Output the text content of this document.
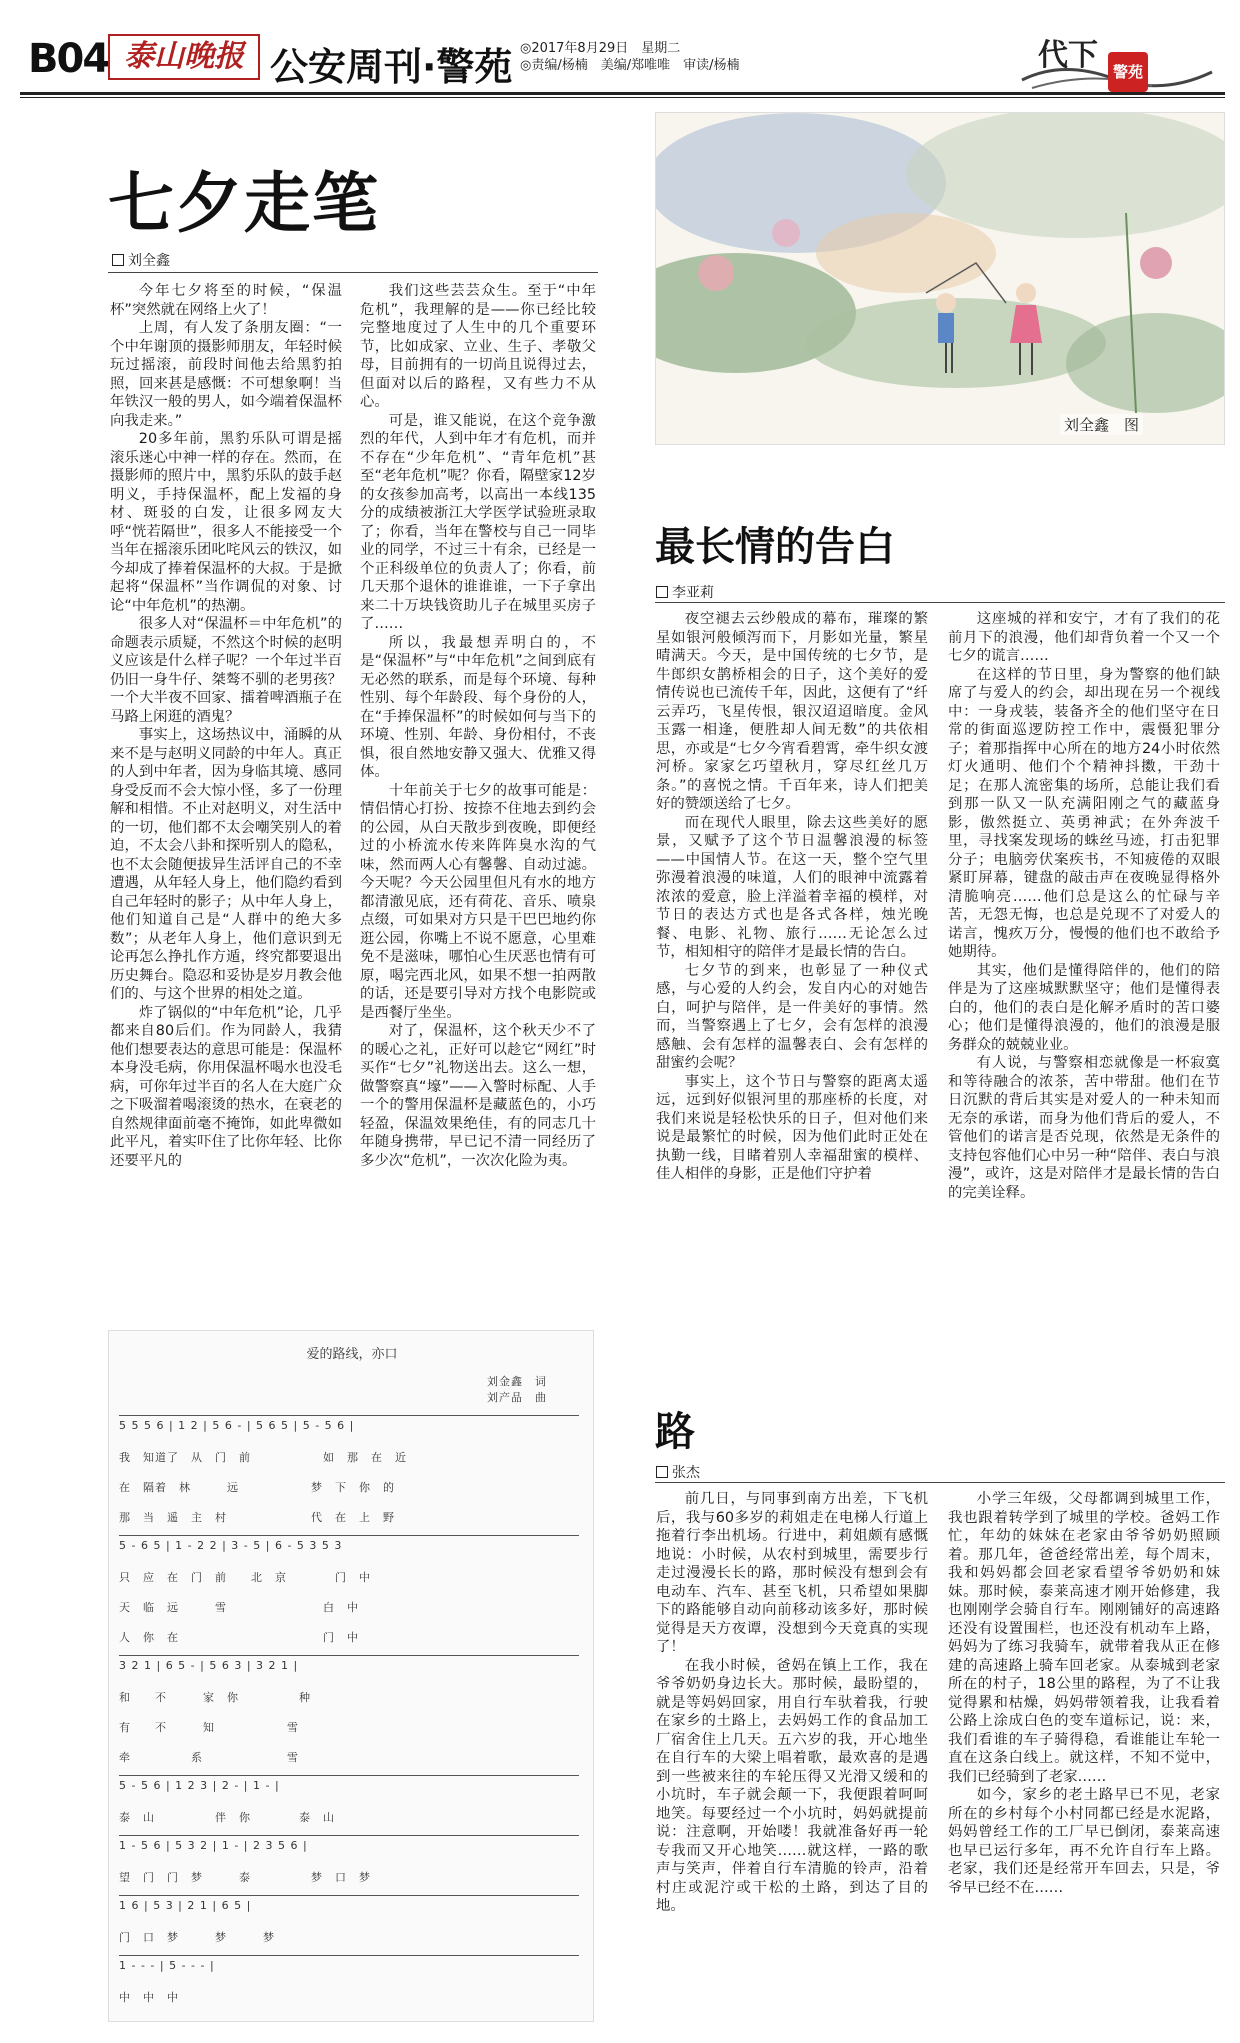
B04 泰山晚报 公安周刊·警苑 ◎2017年8月29日　星期二
◎责编/杨楠　美编/郑唯唯　审读/杨楠	代下 警苑
七夕走笔
刘全鑫

今年七夕将至的时候，“保温杯”突然就在网络上火了！

上周，有人发了条朋友圈：“一个中年谢顶的摄影师朋友，年轻时候玩过摇滚，前段时间他去给黑豹拍照，回来甚是感慨：不可想象啊！当年铁汉一般的男人，如今端着保温杯向我走来。”

20多年前，黑豹乐队可谓是摇滚乐迷心中神一样的存在。然而，在摄影师的照片中，黑豹乐队的鼓手赵明义，手持保温杯，配上发福的身材、斑驳的白发，让很多网友大呼“恍若隔世”，很多人不能接受一个当年在摇滚乐团叱咤风云的铁汉，如今却成了捧着保温杯的大叔。于是掀起将“保温杯”当作调侃的对象、讨论“中年危机”的热潮。

很多人对“保温杯＝中年危机”的命题表示质疑，不然这个时候的赵明义应该是什么样子呢？一个年过半百仍旧一身牛仔、桀骜不驯的老男孩？一个大半夜不回家、擂着啤酒瓶子在马路上闲逛的酒鬼？

事实上，这场热议中，涌瞬的从来不是与赵明义同龄的中年人。真正的人到中年者，因为身临其境、感同身受反而不会大惊小怪，多了一份理解和相惜。不止对赵明义，对生活中的一切，他们都不太会嘲笑别人的着迫，不太会八卦和探听别人的隐私，也不太会随便拔异生活评自己的不幸遭遇，从年轻人身上，他们隐约看到自己年轻时的影子；从中年人身上，他们知道自己是“人群中的绝大多数”；从老年人身上，他们意识到无论再怎么挣扎作方遁，终究都要退出历史舞台。隐忍和妥协是岁月教会他们的、与这个世界的相处之道。

炸了锅似的“中年危机”论，几乎都来自80后们。作为同龄人，我猜他们想要表达的意思可能是：保温杯本身没毛病，你用保温杯喝水也没毛病，可你年过半百的名人在大庭广众之下吸溜着喝滚烫的热水，在衰老的自然规律面前毫不掩饰，如此卑微如此平凡，着实吓住了比你年轻、比你还要平凡的

我们这些芸芸众生。至于“中年危机”，我理解的是——你已经比较完整地度过了人生中的几个重要环节，比如成家、立业、生子、孝敬父母，目前拥有的一切尚且说得过去，但面对以后的路程，又有些力不从心。

可是，谁又能说，在这个竞争激烈的年代，人到中年才有危机，而并不存在“少年危机”、“青年危机”甚至“老年危机”呢？你看，隔壁家12岁的女孩参加高考，以高出一本线135分的成绩被浙江大学医学试验班录取了；你看，当年在警校与自己一同毕业的同学，不过三十有余，已经是一个正科级单位的负责人了；你看，前几天那个退休的谁谁谁，一下子拿出来二十万块钱资助儿子在城里买房子了……

所以，我最想弄明白的，不是“保温杯”与“中年危机”之间到底有无必然的联系，而是每个环境、每种性别、每个年龄段、每个身份的人，在“手捧保温杯”的时候如何与当下的环境、性别、年龄、身份相付，不丧惧，很自然地安静又强大、优雅又得体。

十年前关于七夕的故事可能是：情侣情心打扮、按捺不住地去到约会的公园，从白天散步到夜晚，即便经过的小桥流水传来阵阵臭水沟的气味，然而两人心有馨馨、自动过滤。今天呢？今天公园里但凡有水的地方都清澈见底，还有荷花、音乐、喷泉点缀，可如果对方只是干巴巴地约你逛公园，你嘴上不说不愿意，心里难免不是滋味，哪怕心生厌恶也情有可原，喝完西北风，如果不想一拍两散的话，还是要引导对方找个电影院或是西餐厅坐坐。

对了，保温杯，这个秋天少不了的暖心之礼，正好可以趁它“网红”时买作“七夕”礼物送出去。这么一想，做警察真“壕”——入警时标配、人手一个的警用保温杯是藏蓝色的，小巧轻盈，保温效果绝佳，有的同志几十年随身携带，早已记不清一同经历了多少次“危机”，一次次化险为夷。

刘全鑫　图
最长情的告白
李亚莉

夜空褪去云纱般成的幕布，璀璨的繁星如银河般倾泻而下，月影如光量，繁星晴满天。今天，是中国传统的七夕节，是牛郎织女鹊桥相会的日子，这个美好的爱情传说也已流传千年，因此，这便有了“纤云弄巧，飞星传恨，银汉迢迢暗度。金风玉露一相逢，便胜却人间无数”的共依相思，亦或是“七夕今宵看碧霄，牵牛织女渡河桥。家家乞巧望秋月，穿尽红丝几万条。”的喜悦之情。千百年来，诗人们把美好的赞颂送给了七夕。

而在现代人眼里，除去这些美好的愿景，又赋予了这个节日温馨浪漫的标签——中国情人节。在这一天，整个空气里弥漫着浪漫的味道，人们的眼神中流露着浓浓的爱意，脸上洋溢着幸福的模样，对节日的表达方式也是各式各样，烛光晚餐、电影、礼物、旅行……无论怎么过节，相知相守的陪伴才是最长情的告白。

七夕节的到来，也彰显了一种仪式感，与心爱的人约会，发自内心的对她告白，呵护与陪伴，是一件美好的事情。然而，当警察遇上了七夕，会有怎样的浪漫感触、会有怎样的温馨表白、会有怎样的甜蜜约会呢？

事实上，这个节日与警察的距离太遥远，远到好似银河里的那座桥的长度，对我们来说是轻松快乐的日子，但对他们来说是最繁忙的时候，因为他们此时正处在执勤一线，目睹着别人幸福甜蜜的模样、佳人相伴的身影，正是他们守护着

这座城的祥和安宁，才有了我们的花前月下的浪漫，他们却背负着一个又一个七夕的谎言……

在这样的节日里，身为警察的他们缺席了与爱人的约会，却出现在另一个视线中：一身戎装，装备齐全的他们坚守在日常的街面巡逻防控工作中，震慑犯罪分子；着那指挥中心所在的地方24小时依然灯火通明、他们个个精神抖擞，干劲十足；在那人流密集的场所，总能让我们看到那一队又一队充满阳刚之气的藏蓝身影，傲然挺立、英勇神武；在外奔波千里，寻找案发现场的蛛丝马迹，打击犯罪分子；电脑旁伏案疾书，不知疲倦的双眼紧盯屏幕，键盘的敲击声在夜晚显得格外清脆响亮……他们总是这么的忙碌与辛苦，无怨无悔，也总是兑现不了对爱人的诺言，愧疚万分，慢慢的他们也不敢给予她期待。

其实，他们是懂得陪伴的，他们的陪伴是为了这座城默默坚守；他们是懂得表白的，他们的表白是化解矛盾时的苦口婆心；他们是懂得浪漫的，他们的浪漫是服务群众的兢兢业业。

有人说，与警察相恋就像是一杯寂寞和等待融合的浓茶，苦中带甜。他们在节日沉默的背后其实是对爱人的一种未知而无奈的承诺，而身为他们背后的爱人，不管他们的诺言是否兑现，依然是无条件的支持包容他们心中另一种“陪伴、表白与浪漫”，或许，这是对陪伴才是最长情的告白的完美诠释。

爱的路线，亦口
刘金鑫　词
刘产品　曲
5 5 5 6 | 1 2 | 5 6 - | 5 6 5 | 5 - 5 6 |
我　知道了　从　门　前　　　　　　如　那　在　近
在　隔着　林　　　远　　　　　　梦　下　你　的
那　当　遥　主　村　　　　　　　代　在　上　野
5 - 6 5 | 1 - 2 2 | 3 - 5 | 6 - 5 3 5 3
只　应　在　门　前　　北　京　　　　门　中
天　临　远　　　雪　　　　　　　　白　中
人　你　在　　　　　　　　　　　　门　中
3 2 1 | 6 5 - | 5 6 3 | 3 2 1 |
和　　不　　　家　你　　　　　种
有　　不　　　知　　　　　　雪
牵　　　　　系　　　　　　　雪
5 - 5 6 | 1 2 3 | 2 - | 1 - |
泰　山　　　　　伴　你　　　　泰　山
1 - 5 6 | 5 3 2 | 1 - | 2 3 5 6 |
望　门　门　梦　　　泰　　　　　梦　口　梦
1 6 | 5 3 | 2 1 | 6 5 |
门　口　梦　　　梦　　　梦
1 - - - | 5 - - - |
中　中　中
路
张杰

前几日，与同事到南方出差，下飞机后，我与60多岁的莉姐走在电梯人行道上拖着行李出机场。行进中，莉姐颇有感慨地说：小时候，从农村到城里，需要步行走过漫漫长长的路，那时候没有想到会有电动车、汽车、甚至飞机，只希望如果脚下的路能够自动向前移动该多好，那时候觉得是天方夜谭，没想到今天竟真的实现了！

在我小时候，爸妈在镇上工作，我在爷爷奶奶身边长大。那时候，最盼望的，就是等妈妈回家，用自行车驮着我，行驶在家乡的土路上，去妈妈工作的食品加工厂宿舍住上几天。五六岁的我，开心地坐在自行车的大梁上唱着歌，最欢喜的是遇到一些被来往的车轮压得又光滑又缓和的小坑时，车子就会颠一下，我便跟着呵呵地笑。每要经过一个小坑时，妈妈就提前说：注意啊，开始喽！我就准备好再一轮专我而又开心地笑……就这样，一路的歌声与笑声，伴着自行车清脆的铃声，沿着村庄或泥泞或干松的土路，到达了目的地。

小学三年级，父母都调到城里工作，我也跟着转学到了城里的学校。爸妈工作忙，年幼的妹妹在老家由爷爷奶奶照顾着。那几年，爸爸经常出差，每个周末，我和妈妈都会回老家看望爷爷奶奶和妹妹。那时候，泰莱高速才刚开始修建，我也刚刚学会骑自行车。刚刚铺好的高速路还没有设置围栏，也还没有机动车上路，妈妈为了练习我骑车，就带着我从正在修建的高速路上骑车回老家。从泰城到老家所在的村子，18公里的路程，为了不让我觉得累和枯燥，妈妈带领着我，让我看着公路上涂成白色的变车道标记，说：来，我们看谁的车子骑得稳，看谁能让车轮一直在这条白线上。就这样，不知不觉中，我们已经骑到了老家……

如今，家乡的老土路早已不见，老家所在的乡村每个小村同都已经是水泥路，妈妈曾经工作的工厂早已倒闭，泰莱高速也早已运行多年，再不允许自行车上路。老家，我们还是经常开车回去，只是，爷爷早已经不在……
